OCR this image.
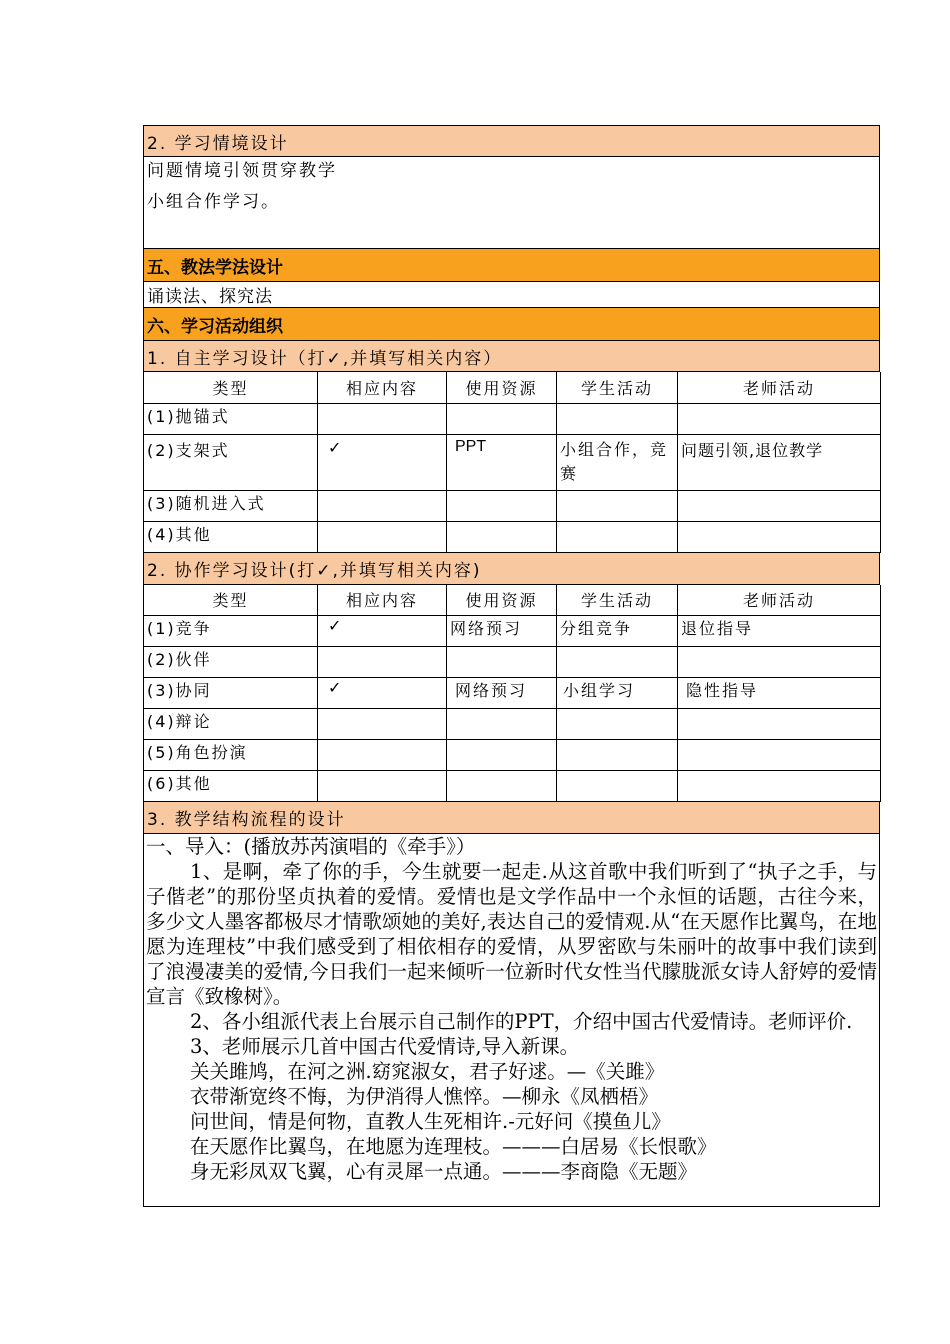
2. 学习情境设计
问题情境引领贯穿教学
小组合作学习。
五、教法学法设计
诵读法、探究法
六、学习活动组织
1. 自主学习设计（打✓,并填写相关内容）
类型	相应内容	使用资源	学生活动	老师活动
(1)抛锚式				
(2)支架式	✓	PPT	小组合作，竞赛	问题引领,退位教学
(3)随机进入式				
(4)其他				
2. 协作学习设计(打✓,并填写相关内容)
类型	相应内容	使用资源	学生活动	老师活动
(1)竞争	✓	网络预习	分组竞争	退位指导
(2)伙伴				
(3)协同	✓	网络预习	小组学习	隐性指导
(4)辩论				
(5)角色扮演				
(6)其他				
3. 教学结构流程的设计

一、导入：(播放苏芮演唱的《牵手》）

1、是啊，牵了你的手，今生就要一起走.从这首歌中我们听到了“执子之手，与子偕老”的那份坚贞执着的爱情。爱情也是文学作品中一个永恒的话题，古往今来，多少文人墨客都极尽才情歌颂她的美好,表达自己的爱情观.从“在天愿作比翼鸟，在地愿为连理枝”中我们感受到了相依相存的爱情，从罗密欧与朱丽叶的故事中我们读到了浪漫凄美的爱情,今日我们一起来倾听一位新时代女性当代朦胧派女诗人舒婷的爱情宣言《致橡树》。

2、各小组派代表上台展示自己制作的PPT，介绍中国古代爱情诗。老师评价.

3、老师展示几首中国古代爱情诗,导入新课。

关关雎鸠，在河之洲.窈窕淑女，君子好逑。—《关雎》

衣带渐宽终不悔，为伊消得人憔悴。—柳永《凤栖梧》

问世间，情是何物，直教人生死相许.-元好问《摸鱼儿》

在天愿作比翼鸟，在地愿为连理枝。———白居易《长恨歌》

身无彩凤双飞翼，心有灵犀一点通。———李商隐《无题》
